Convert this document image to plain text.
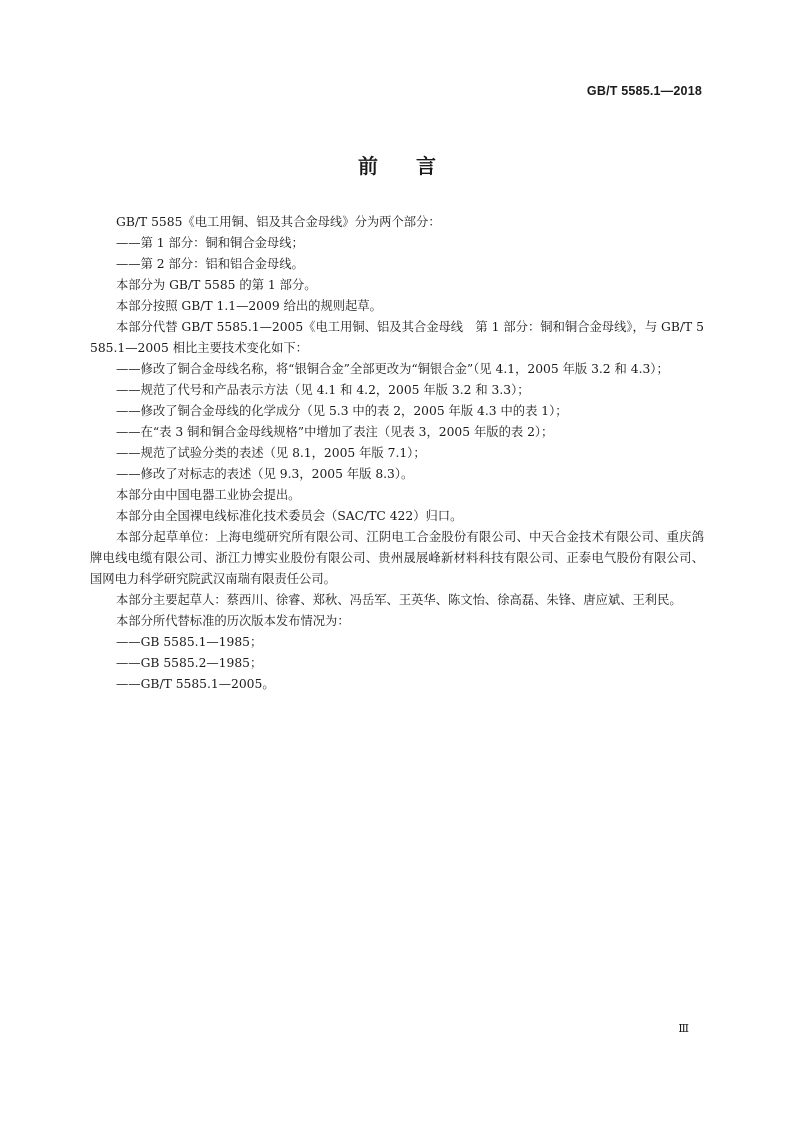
GB/T 5585.1—2018
前言

GB/T 5585《电工用铜、铝及其合金母线》分为两个部分：

——第 1 部分：铜和铜合金母线；

——第 2 部分：铝和铝合金母线。

本部分为 GB/T 5585 的第 1 部分。

本部分按照 GB/T 1.1—2009 给出的规则起草。

本部分代替 GB/T 5585.1—2005《电工用铜、铝及其合金母线　第 1 部分：铜和铜合金母线》，与 GB/T 5585.1—2005 相比主要技术变化如下：

——修改了铜合金母线名称，将“银铜合金”全部更改为“铜银合金”（见 4.1，2005 年版 3.2 和 4.3）；

——规范了代号和产品表示方法（见 4.1 和 4.2，2005 年版 3.2 和 3.3）；

——修改了铜合金母线的化学成分（见 5.3 中的表 2，2005 年版 4.3 中的表 1）；

——在“表 3 铜和铜合金母线规格”中增加了表注（见表 3，2005 年版的表 2）；

——规范了试验分类的表述（见 8.1，2005 年版 7.1）；

——修改了对标志的表述（见 9.3，2005 年版 8.3）。

本部分由中国电器工业协会提出。

本部分由全国裸电线标准化技术委员会（SAC/TC 422）归口。

本部分起草单位：上海电缆研究所有限公司、江阴电工合金股份有限公司、中天合金技术有限公司、重庆鸽牌电线电缆有限公司、浙江力博实业股份有限公司、贵州晟展峰新材料科技有限公司、正泰电气股份有限公司、国网电力科学研究院武汉南瑞有限责任公司。

本部分主要起草人：蔡西川、徐睿、郑秋、冯岳军、王英华、陈文怡、徐高磊、朱锋、唐应斌、王利民。

本部分所代替标准的历次版本发布情况为：

——GB 5585.1—1985；

——GB 5585.2—1985；

——GB/T 5585.1—2005。

Ⅲ
